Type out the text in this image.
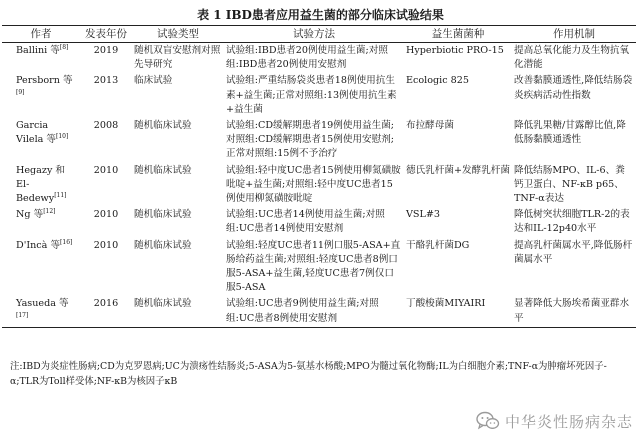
表 1 IBD患者应用益生菌的部分临床试验结果
作者	发表年份	试验类型	试验方法	益生菌菌种	作用机制
Ballini 等[8]	2019	随机双盲安慰剂对照先导研究	试验组:IBD患者20例使用益生菌;对照组:IBD患者20例使用安慰剂	Hyperbiotic PRO-15	提高总氧化能力及生物抗氧化潜能
Persborn 等[9]	2013	临床试验	试验组:严重结肠袋炎患者18例使用抗生素+益生菌;正常对照组:13例使用抗生素+益生菌	Ecologic 825	改善黏膜通透性,降低结肠袋炎疾病活动性指数
Garcia Vilela 等[10]	2008	随机临床试验	试验组:CD缓解期患者19例使用益生菌;对照组:CD缓解期患者15例使用安慰剂;正常对照组:15例不予治疗	布拉酵母菌	降低乳果糖/甘露醇比值,降低肠黏膜通透性
Hegazy 和 El-Bedewy[11]	2010	随机临床试验	试验组:轻中度UC患者15例使用柳氮磺胺吡啶+益生菌;对照组:轻中度UC患者15例使用柳氮磺胺吡啶	德氏乳杆菌+发酵乳杆菌	降低结肠MPO、IL-6、粪钙卫蛋白、NF-κB p65、TNF-α表达
Ng 等[12]	2010	随机临床试验	试验组:UC患者14例使用益生菌;对照组:UC患者14例使用安慰剂	VSL#3	降低树突状细胞TLR-2的表达和IL-12p40水平
D'Incà 等[16]	2010	随机临床试验	试验组:轻度UC患者11例口服5-ASA+直肠给药益生菌;对照组:轻度UC患者8例口服5-ASA+益生菌,轻度UC患者7例仅口服5-ASA	干酪乳杆菌DG	提高乳杆菌属水平,降低肠杆菌属水平
Yasueda 等[17]	2016	随机临床试验	试验组:UC患者9例使用益生菌;对照组:UC患者8例使用安慰剂	丁酸梭菌MIYAIRI	显著降低大肠埃希菌亚群水平
注:IBD为炎症性肠病;CD为克罗恩病;UC为溃疡性结肠炎;5-ASA为5-氨基水杨酸;MPO为髓过氧化物酶;IL为白细胞介素;TNF-α为肿瘤坏死因子-α;TLR为Toll样受体;NF-κB为核因子κB
中华炎性肠病杂志
